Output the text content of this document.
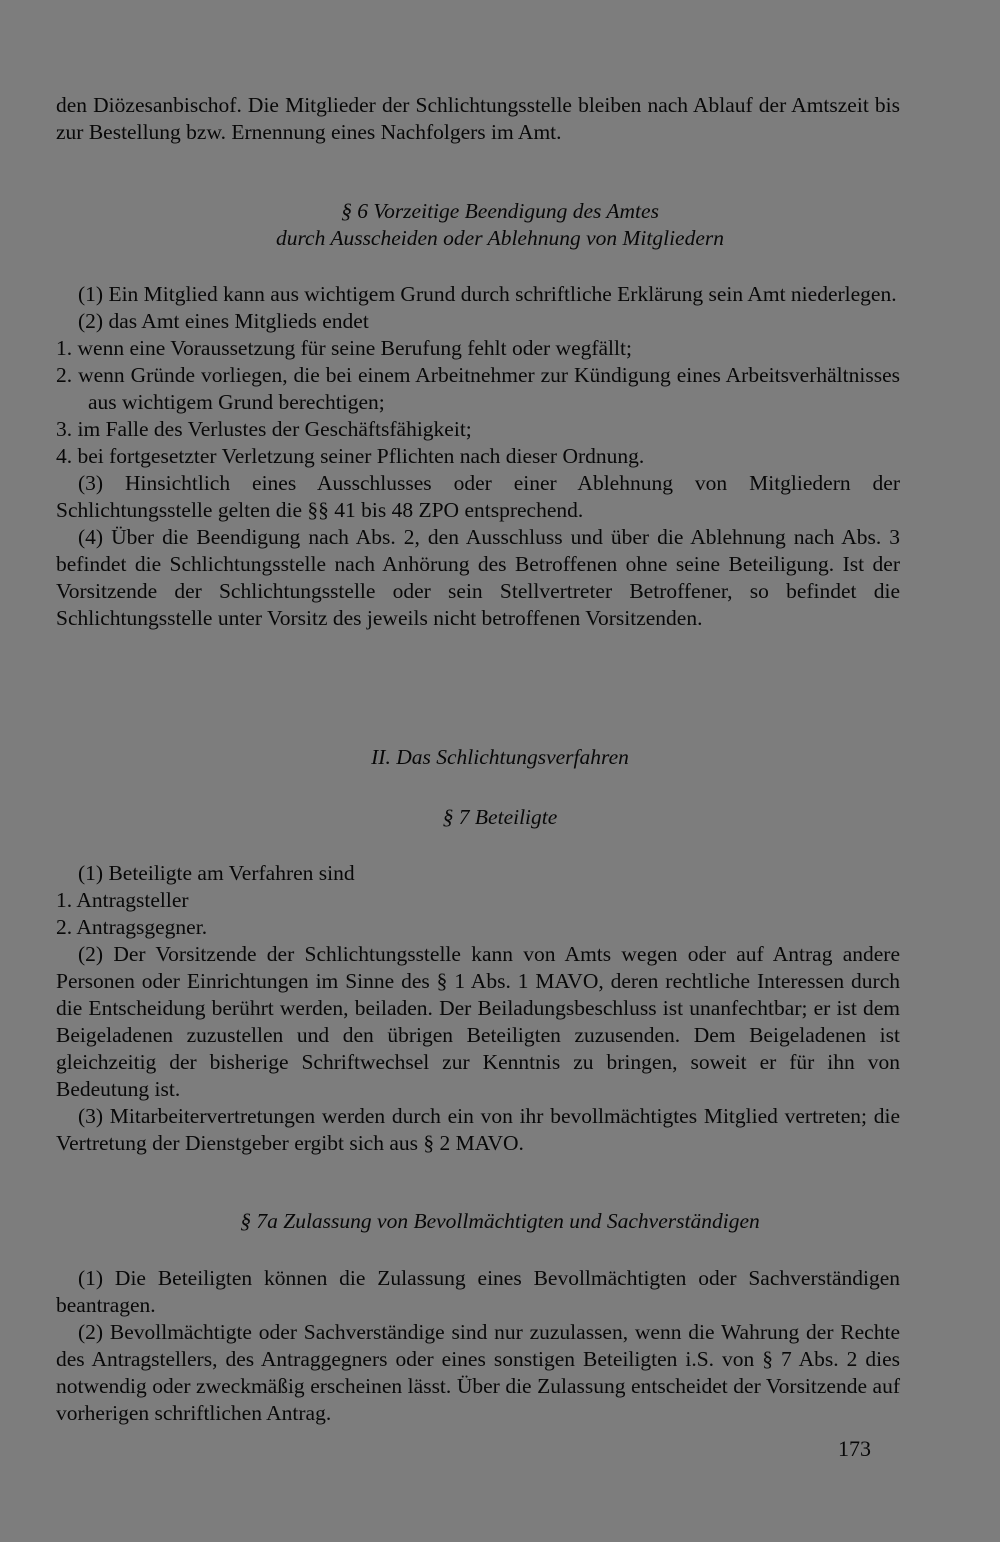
den Diözesanbischof. Die Mitglieder der Schlichtungsstelle bleiben nach Ablauf der Amtszeit bis zur Bestellung bzw. Ernennung eines Nachfolgers im Amt.

§ 6 Vorzeitige Beendigung des Amtes
durch Ausscheiden oder Ablehnung von Mitgliedern

(1) Ein Mitglied kann aus wichtigem Grund durch schriftliche Erklärung sein Amt niederlegen.

(2) das Amt eines Mitglieds endet

1. wenn eine Voraussetzung für seine Berufung fehlt oder wegfällt;

2. wenn Gründe vorliegen, die bei einem Arbeitnehmer zur Kündigung eines Arbeitsverhältnisses aus wichtigem Grund berechtigen;

3. im Falle des Verlustes der Geschäftsfähigkeit;

4. bei fortgesetzter Verletzung seiner Pflichten nach dieser Ordnung.

(3) Hinsichtlich eines Ausschlusses oder einer Ablehnung von Mitgliedern der Schlichtungsstelle gelten die §§ 41 bis 48 ZPO entsprechend.

(4) Über die Beendigung nach Abs. 2, den Ausschluss und über die Ablehnung nach Abs. 3 befindet die Schlichtungsstelle nach Anhörung des Betroffenen ohne seine Beteiligung. Ist der Vorsitzende der Schlichtungsstelle oder sein Stellvertreter Betroffener, so befindet die Schlichtungsstelle unter Vorsitz des jeweils nicht betroffenen Vorsitzenden.

II. Das Schlichtungsverfahren
§ 7 Beteiligte

(1) Beteiligte am Verfahren sind

1. Antragsteller

2. Antragsgegner.

(2) Der Vorsitzende der Schlichtungsstelle kann von Amts wegen oder auf Antrag andere Personen oder Einrichtungen im Sinne des § 1 Abs. 1 MAVO, deren rechtliche Interessen durch die Entscheidung berührt werden, beiladen. Der Beiladungsbeschluss ist unanfechtbar; er ist dem Beigeladenen zuzustellen und den übrigen Beteiligten zuzusenden. Dem Beigeladenen ist gleichzeitig der bisherige Schriftwechsel zur Kenntnis zu bringen, soweit er für ihn von Bedeutung ist.

(3) Mitarbeitervertretungen werden durch ein von ihr bevollmächtigtes Mitglied vertreten; die Vertretung der Dienstgeber ergibt sich aus § 2 MAVO.

§ 7a Zulassung von Bevollmächtigten und Sachverständigen

(1) Die Beteiligten können die Zulassung eines Bevollmächtigten oder Sachverständigen beantragen.

(2) Bevollmächtigte oder Sachverständige sind nur zuzulassen, wenn die Wahrung der Rechte des Antragstellers, des Antraggegners oder eines sonstigen Beteiligten i.S. von § 7 Abs. 2 dies notwendig oder zweckmäßig erscheinen lässt. Über die Zulassung entscheidet der Vorsitzende auf vorherigen schriftlichen Antrag.

173
